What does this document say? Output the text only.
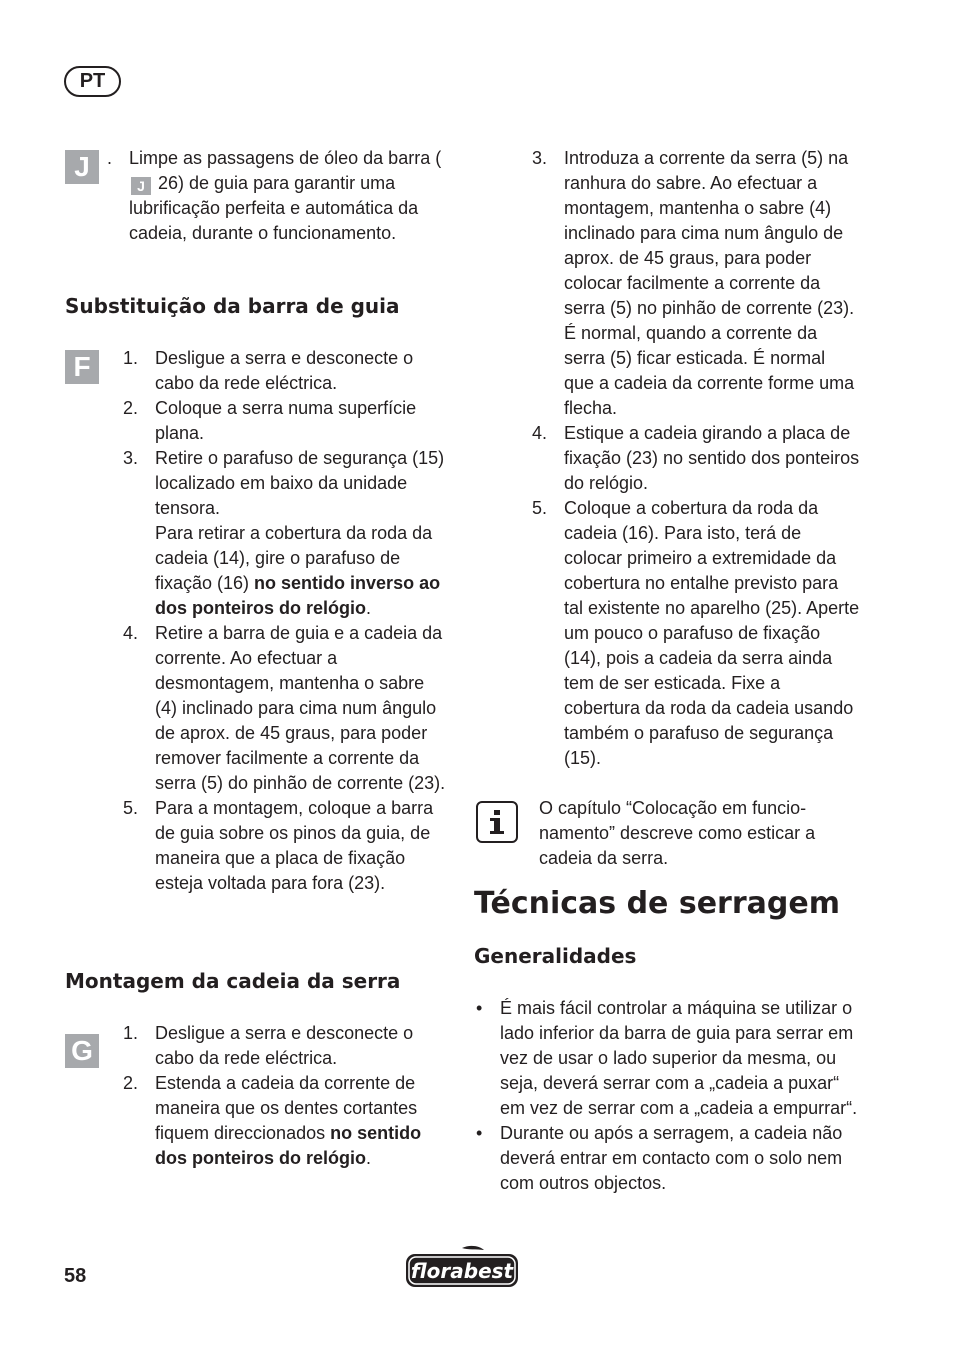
PT
J . Limpe as passagens de óleo da barra (J 26) de guia para garantir uma lubrificação perfeita e automática da cadeia, durante o funcionamento.
Substituição da barra de guia
F	1. Desligue a serra e desconecte o cabo da rede eléctrica.
2. Coloque a serra numa superfície plana.
3. Retire o parafuso de segurança (15) localizado em baixo da unidade tensora.
Para retirar a cobertura da roda da cadeia (14), gire o parafuso de fixação (16) no sentido inverso ao dos ponteiros do relógio.
4. Retire a barra de guia e a cadeia da corrente. Ao efectuar a desmontagem, mantenha o sabre (4) inclinado para cima num ângulo de aprox. de 45 graus, para poder remover facilmente a corrente da serra (5) do pinhão de corrente (23).
5. Para a montagem, coloque a barra de guia sobre os pinos da guia, de maneira que a placa de fixação esteja voltada para fora (23).
Montagem da cadeia da serra
G
1. Desligue a serra e desconecte o cabo da rede eléctrica.
2. Estenda a cadeia da corrente de maneira que os dentes cortantes fiquem direccionados no sentido dos ponteiros do relógio.
3. Introduza a corrente da serra (5) na ranhura do sabre. Ao efectuar a montagem, mantenha o sabre (4) inclinado para cima num ângulo de aprox. de 45 graus, para poder colocar facilmente a corrente da serra (5) no pinhão de corrente (23). É normal, quando a corrente da serra (5) ficar esticada. É normal que a cadeia da corrente forme uma flecha.
4. Estique a cadeia girando a placa de fixação (23) no sentido dos ponteiros do relógio.
5. Coloque a cobertura da roda da cadeia (16). Para isto, terá de colocar primeiro a extremidade da cobertura no entalhe previsto para tal existente no aparelho (25). Aperte um pouco o parafuso de fixação (14), pois a cadeia da serra ainda tem de ser esticada. Fixe a cobertura da roda da cadeia usando também o parafuso de segurança (15).
O capítulo “Colocação em funcionamento” descreve como esticar a cadeia da serra.
Técnicas de serragem
Generalidades
• É mais fácil controlar a máquina se utilizar o lado inferior da barra de guia para serrar em vez de usar o lado superior da mesma, ou seja, deverá serrar com a „cadeia a puxar“ em vez de serrar com a „cadeia a empurrar“.
• Durante ou após a serragem, a cadeia não deverá entrar em contacto com o solo nem com outros objectos.
58	florabest
